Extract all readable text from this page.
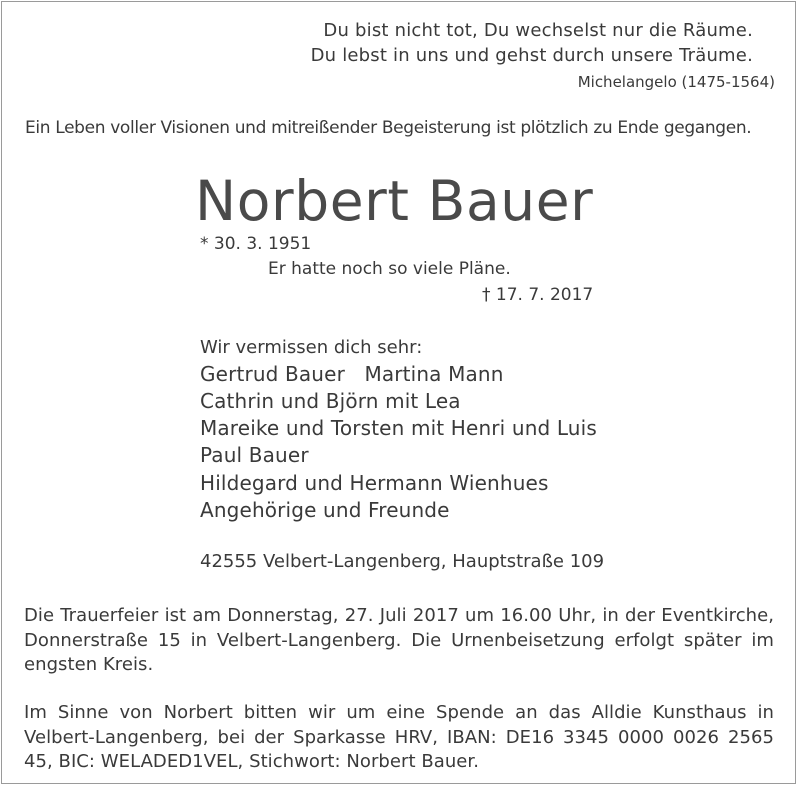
Du bist nicht tot, Du wechselst nur die Räume.
Du lebst in uns und gehst durch unsere Träume.
Michelangelo (1475-1564)
Ein Leben voller Visionen und mitreißender Begeisterung ist plötzlich zu Ende gegangen.
Norbert Bauer
* 30. 3. 1951
Er hatte noch so viele Pläne.
† 17. 7. 2017
Wir vermissen dich sehr:
Gertrud Bauer   Martina Mann
Cathrin und Björn mit Lea
Mareike und Torsten mit Henri und Luis
Paul Bauer
Hildegard und Hermann Wienhues
Angehörige und Freunde
42555 Velbert-Langenberg, Hauptstraße 109
Die Trauerfeier ist am Donnerstag, 27. Juli 2017 um 16.00 Uhr, in der Eventkirche, Donnerstraße 15 in Velbert-Langenberg. Die Urnenbeisetzung erfolgt später im engsten Kreis.
Im Sinne von Norbert bitten wir um eine Spende an das Alldie Kunsthaus in Velbert-Langenberg, bei der Sparkasse HRV, IBAN: DE16 3345 0000 0026 2565 45, BIC: WELADED1VEL, Stichwort: Norbert Bauer.
